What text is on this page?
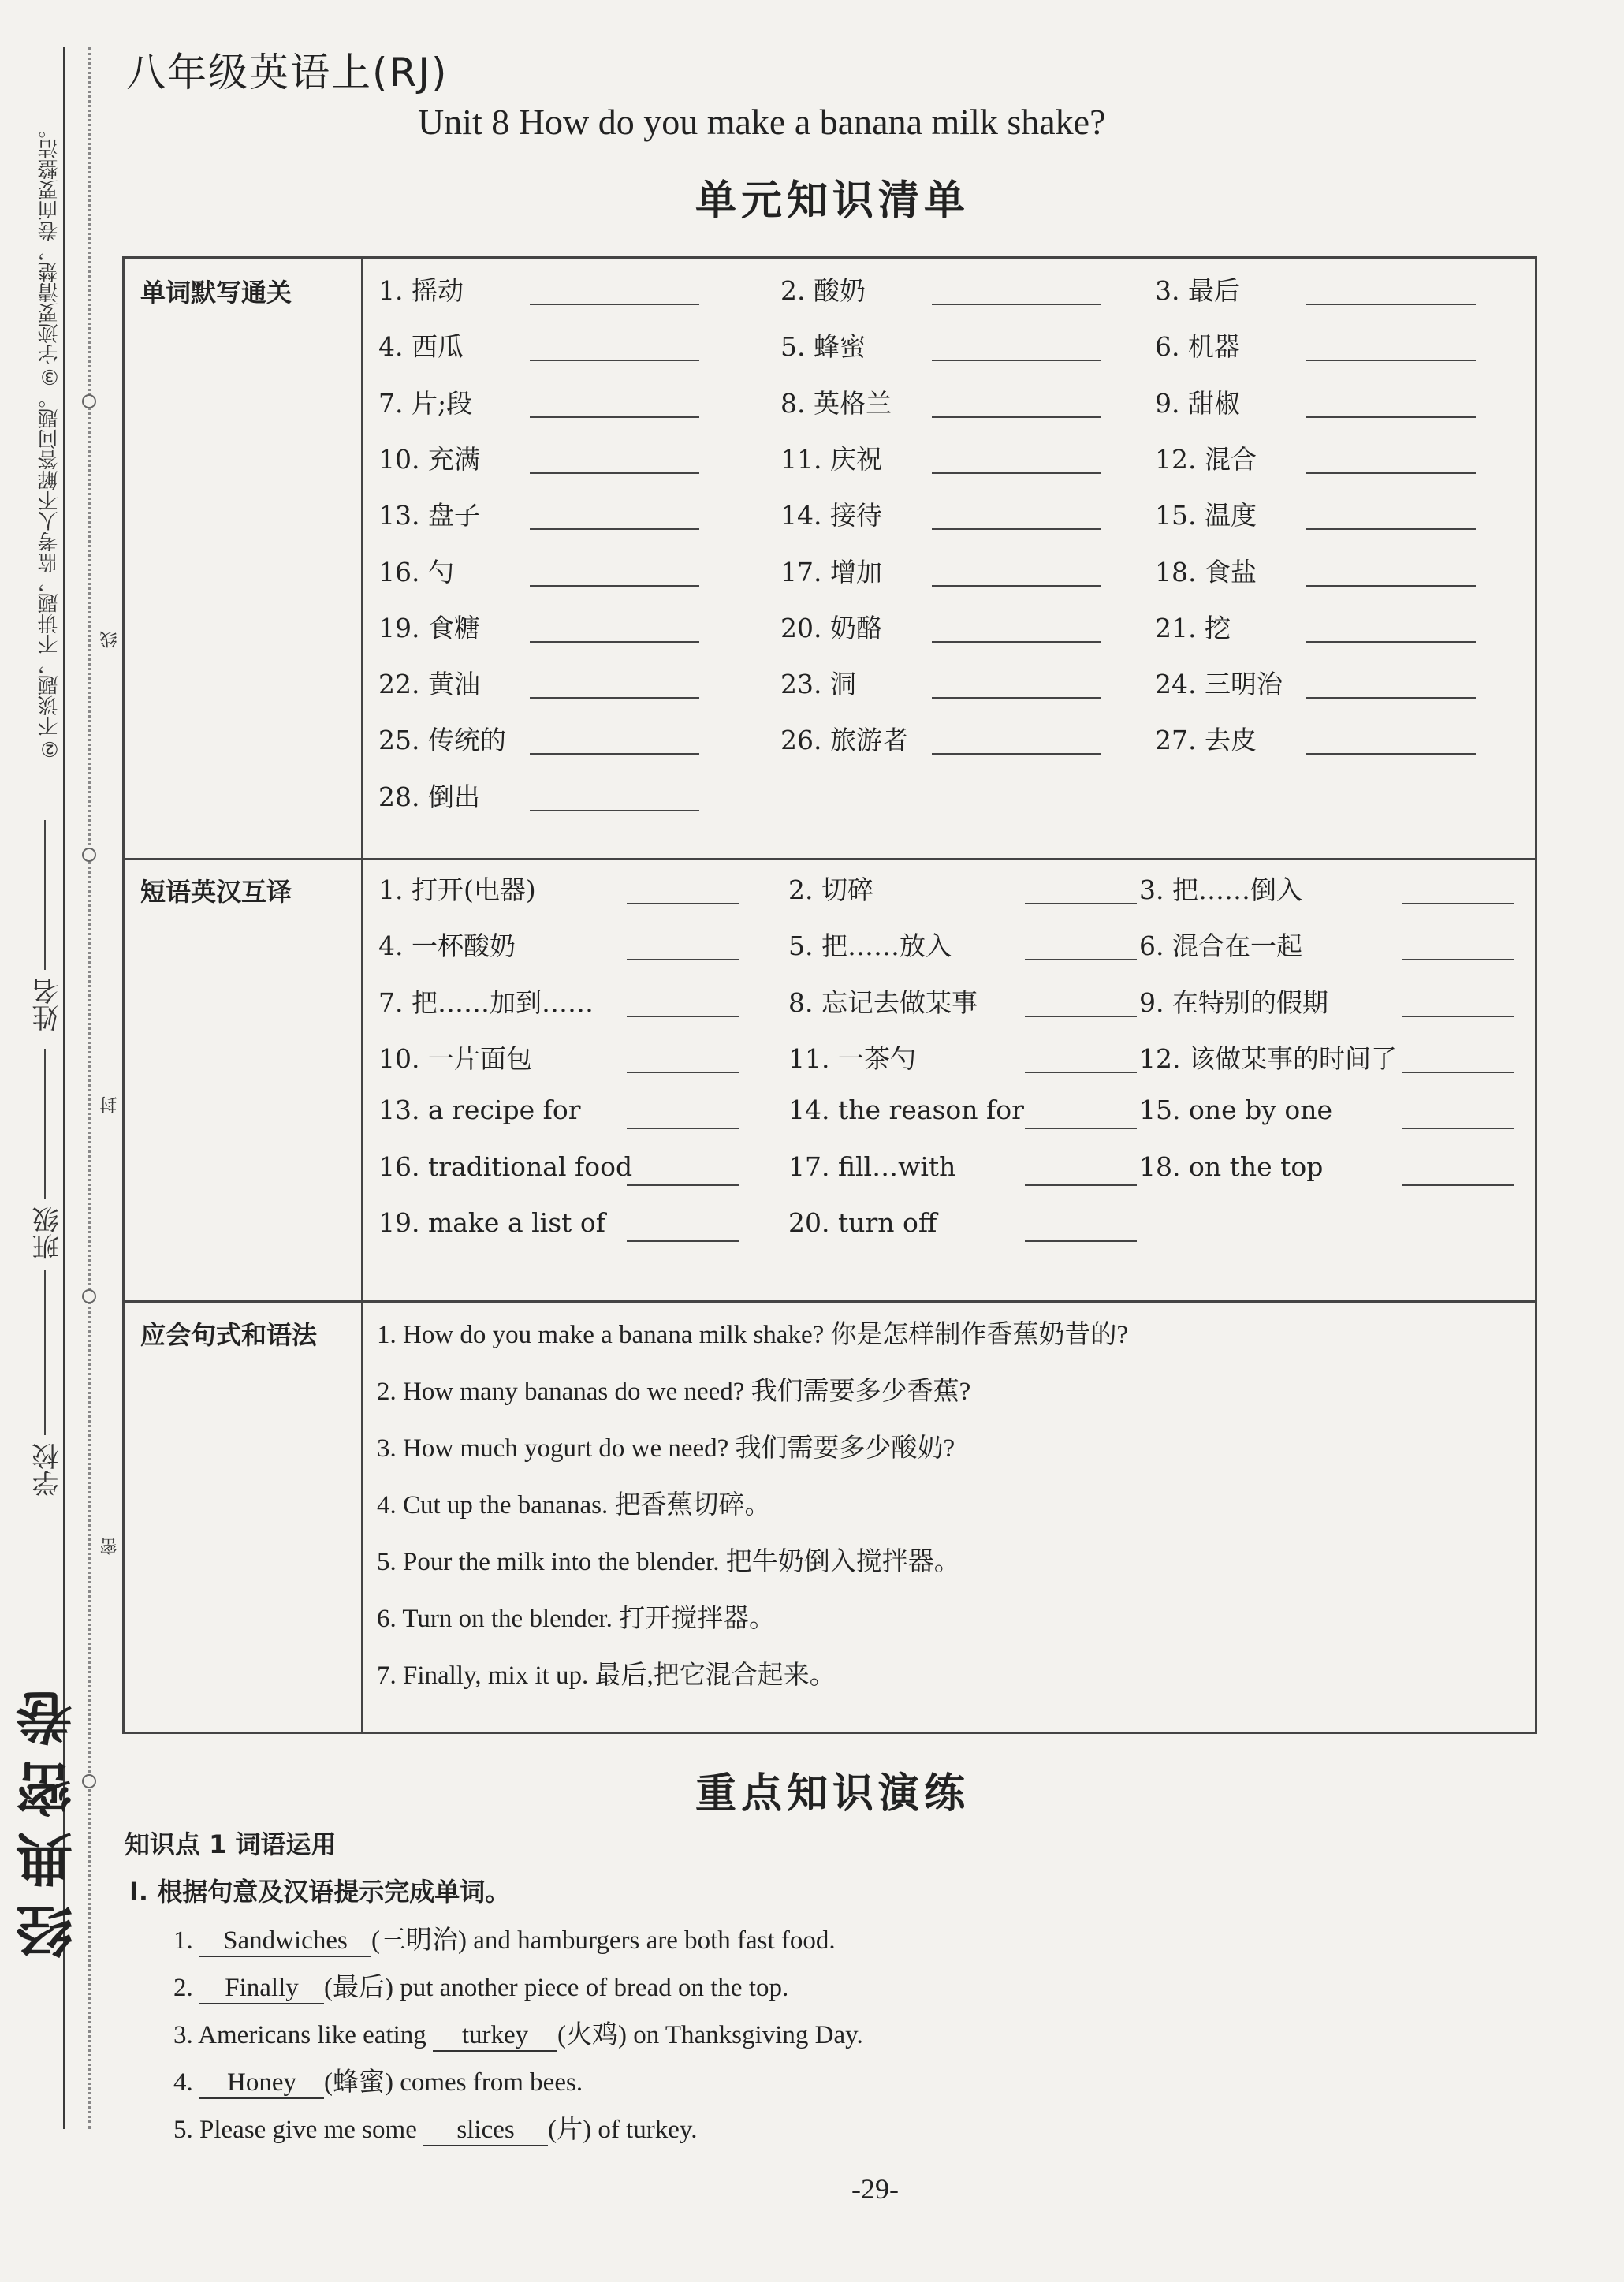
②不谈题，不讲题，监考人不解答问题。③字迹要清楚，卷面要整洁。 线
封
密
姓名
班级
学校
经典密卷
八年级英语上(RJ)
Unit 8 How do you make a banana milk shake?
单元知识清单
单词默写通关	1. 摇动	2. 酸奶	3. 最后
4. 西瓜	5. 蜂蜜	6. 机器
7. 片;段	8. 英格兰	9. 甜椒
10. 充满	11. 庆祝	12. 混合
13. 盘子	14. 接待	15. 温度
16. 勺	17. 增加	18. 食盐
19. 食糖	20. 奶酪	21. 挖
22. 黄油	23. 洞	24. 三明治
25. 传统的	26. 旅游者	27. 去皮
28. 倒出
短语英汉互译	1. 打开(电器)	2. 切碎	3. 把……倒入
4. 一杯酸奶	5. 把……放入	6. 混合在一起
7. 把……加到……	8. 忘记去做某事	9. 在特别的假期
10. 一片面包	11. 一茶勺	12. 该做某事的时间了
13. a recipe for	14. the reason for	15. one by one
16. traditional food	17. fill…with	18. on the top
19. make a list of	20. turn off
应会句式和语法 1. How do you make a banana milk shake? 你是怎样制作香蕉奶昔的?
2. How many bananas do we need? 我们需要多少香蕉?
3. How much yogurt do we need? 我们需要多少酸奶?
4. Cut up the bananas. 把香蕉切碎。
5. Pour the milk into the blender. 把牛奶倒入搅拌器。
6. Turn on the blender. 打开搅拌器。
7. Finally, mix it up. 最后,把它混合起来。
重点知识演练
知识点 1 词语运用
Ⅰ. 根据句意及汉语提示完成单词。
1. Sandwiches (三明治) and hamburgers are both fast food.
2. Finally (最后) put another piece of bread on the top.
3. Americans like eating turkey (火鸡) on Thanksgiving Day.
4. Honey (蜂蜜) comes from bees.
5. Please give me some slices (片) of turkey.
-29-
